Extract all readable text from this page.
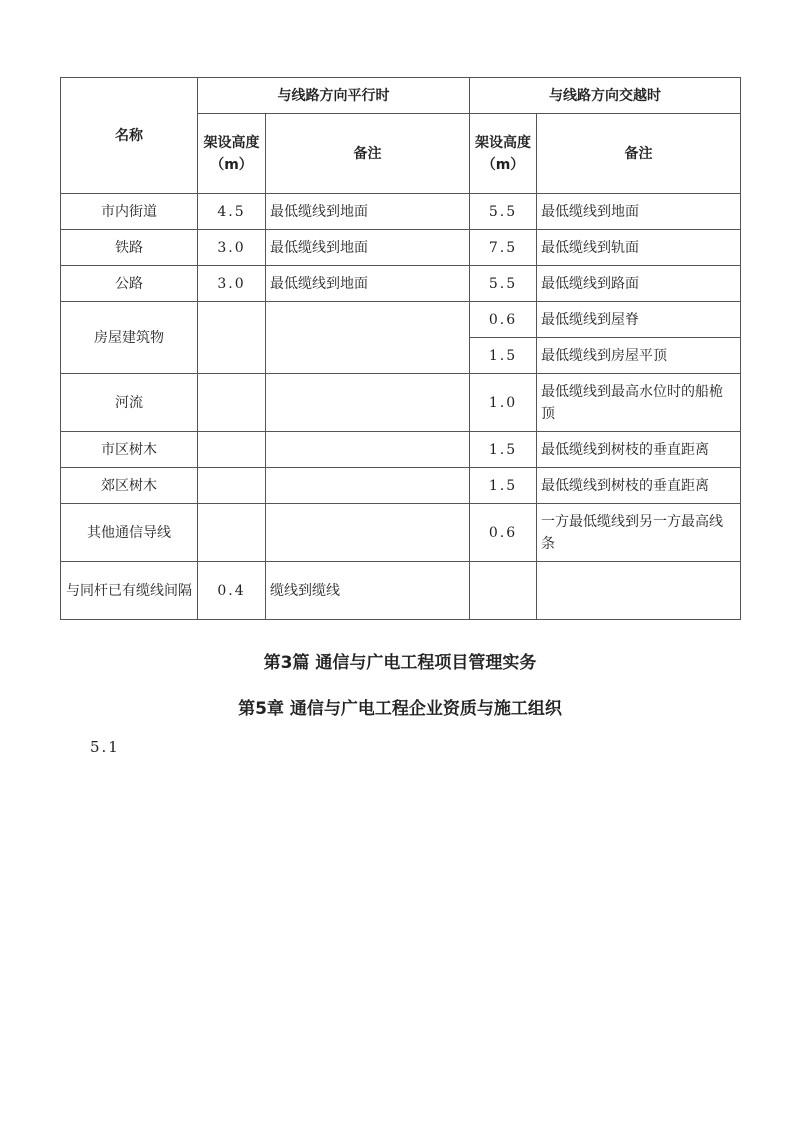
名称	与线路方向平行时		与线路方向交越时	
	架设高度（m）	备注	架设高度（m）	备注
市内街道	4.5	最低缆线到地面	5.5	最低缆线到地面
铁路	3.0	最低缆线到地面	7.5	最低缆线到轨面
公路	3.0	最低缆线到地面	5.5	最低缆线到路面
房屋建筑物			0.6	最低缆线到屋脊
			1.5	最低缆线到房屋平顶
河流			1.0	最低缆线到最高水位时的船桅顶
市区树木			1.5	最低缆线到树枝的垂直距离
郊区树木			1.5	最低缆线到树枝的垂直距离
其他通信导线			0.6	一方最低缆线到另一方最高线条
与同杆已有缆线间隔	0.4	缆线到缆线		
第3篇 通信与广电工程项目管理实务
第5章 通信与广电工程企业资质与施工组织
5.1
